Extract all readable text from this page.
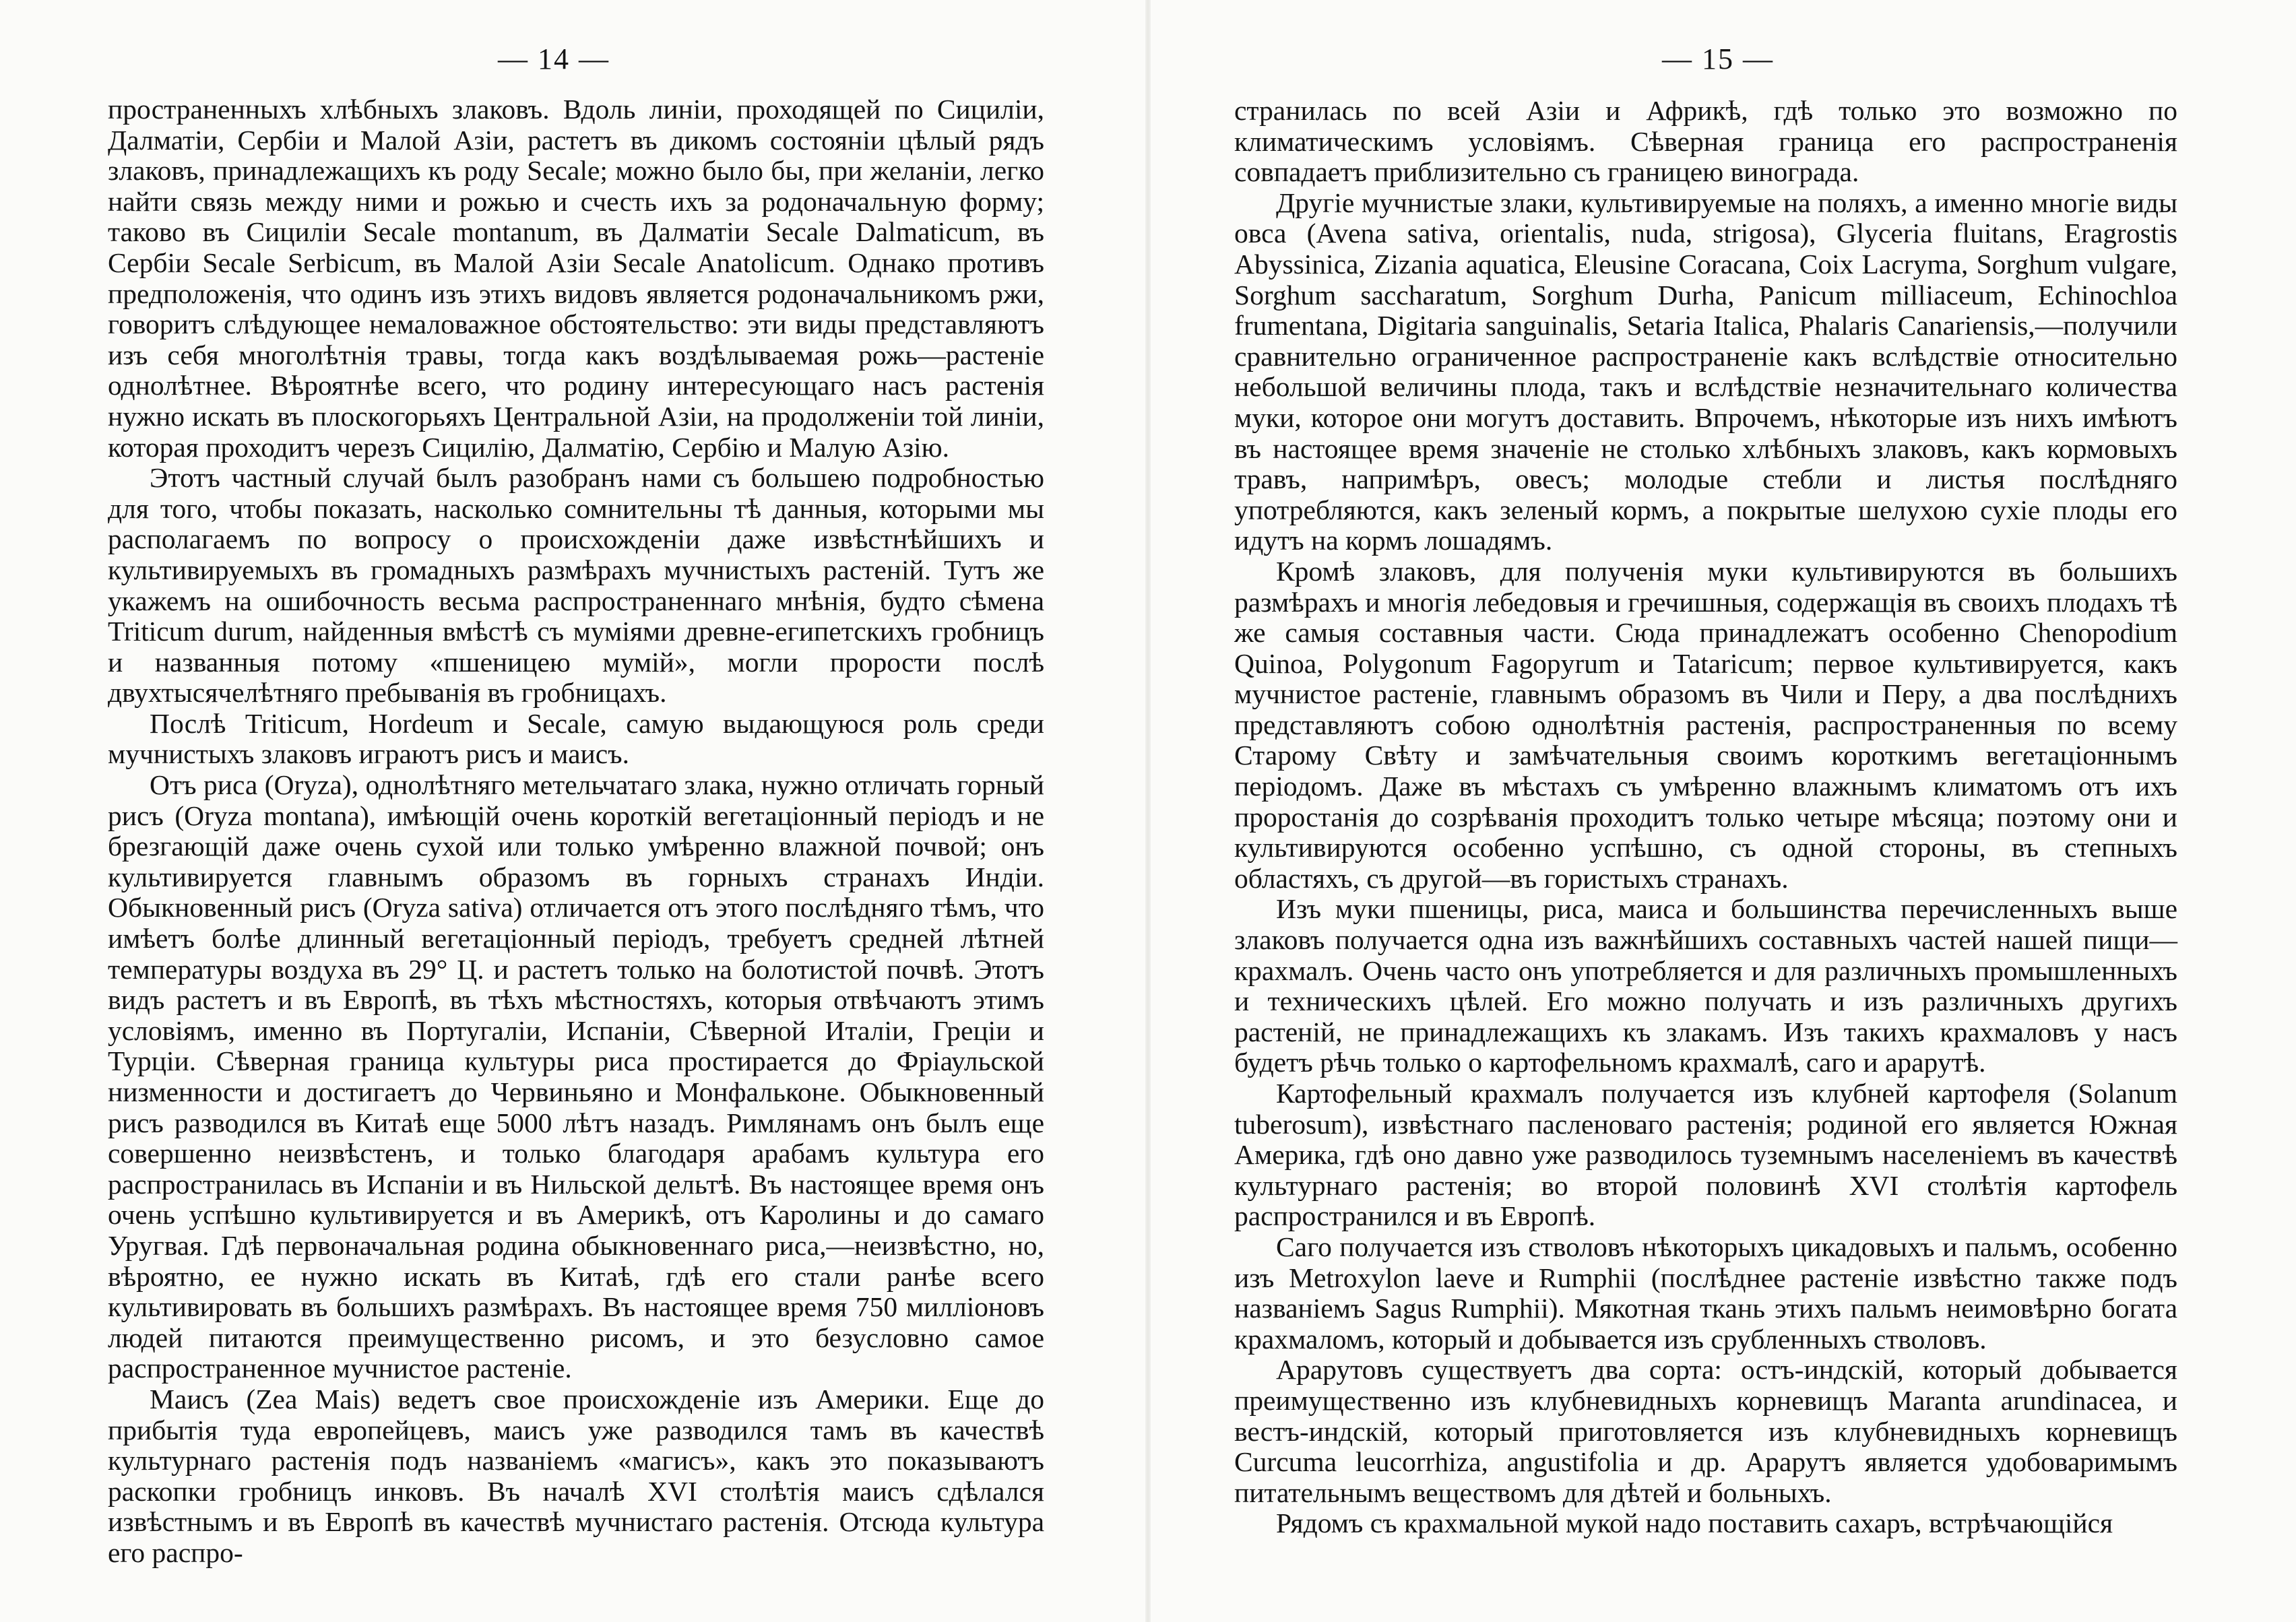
— 14 —

пространенныхъ хлѣбныхъ злаковъ. Вдоль линіи, проходящей по Сициліи, Далматіи, Сербіи и Малой Азіи, растетъ въ дикомъ состояніи цѣлый рядъ злаковъ, принадлежащихъ къ роду Secale; можно было бы, при желаніи, легко найти связь между ними и рожью и счесть ихъ за родоначальную форму; таково въ Сициліи Secale montanum, въ Далматіи Secale Dalmaticum, въ Сербіи Secale Serbicum, въ Малой Азіи Secale Anatolicum. Однако противъ предположенія, что одинъ изъ этихъ видовъ является родоначальникомъ ржи, говоритъ слѣдующее немаловажное обстоятельство: эти виды представляютъ изъ себя многолѣтнія травы, тогда какъ воздѣлываемая рожь—растеніе однолѣтнее. Вѣроятнѣе всего, что родину интересующаго насъ растенія нужно искать въ плоскогорьяхъ Центральной Азіи, на продолженіи той линіи, которая проходитъ черезъ Сицилію, Далматію, Сербію и Малую Азію.

Этотъ частный случай былъ разобранъ нами съ большею подробностью для того, чтобы показать, насколько сомнительны тѣ данныя, которыми мы располагаемъ по вопросу о происхожденіи даже извѣстнѣйшихъ и культивируемыхъ въ громадныхъ размѣрахъ мучнистыхъ растеній. Тутъ же укажемъ на ошибочность весьма распространеннаго мнѣнія, будто сѣмена Triticum durum, найденныя вмѣстѣ съ муміями древне-египетскихъ гробницъ и названныя потому «пшеницею мумій», могли прорости послѣ двухтысячелѣтняго пребыванія въ гробницахъ.

Послѣ Triticum, Hordeum и Secale, самую выдающуюся роль среди мучнистыхъ злаковъ играютъ рисъ и маисъ.

Отъ риса (Oryza), однолѣтняго метельчатаго злака, нужно отличать горный рисъ (Oryza montana), имѣющій очень короткій вегетаціонный періодъ и не брезгающій даже очень сухой или только умѣренно влажной почвой; онъ культивируется главнымъ образомъ въ горныхъ странахъ Индіи. Обыкновенный рисъ (Oryza sativa) отличается отъ этого послѣдняго тѣмъ, что имѣетъ болѣе длинный вегетаціонный періодъ, требуетъ средней лѣтней температуры воздуха въ 29° Ц. и растетъ только на болотистой почвѣ. Этотъ видъ растетъ и въ Европѣ, въ тѣхъ мѣстностяхъ, которыя отвѣчаютъ этимъ условіямъ, именно въ Португаліи, Испаніи, Сѣверной Италіи, Греціи и Турціи. Сѣверная граница культуры риса простирается до Фріаульской низменности и достигаетъ до Червиньяно и Монфальконе. Обыкновенный рисъ разводился въ Китаѣ еще 5000 лѣтъ назадъ. Римлянамъ онъ былъ еще совершенно неизвѣстенъ, и только благодаря арабамъ культура его распространилась въ Испаніи и въ Нильской дельтѣ. Въ настоящее время онъ очень успѣшно культивируется и въ Америкѣ, отъ Каролины и до самаго Уругвая. Гдѣ первоначальная родина обыкновеннаго риса,—неизвѣстно, но, вѣроятно, ее нужно искать въ Китаѣ, гдѣ его стали ранѣе всего культивировать въ большихъ размѣрахъ. Въ настоящее время 750 милліоновъ людей питаются преимущественно рисомъ, и это безусловно самое распространенное мучнистое растеніе.

Маисъ (Zea Mais) ведетъ свое происхожденіе изъ Америки. Еще до прибытія туда европейцевъ, маисъ уже разводился тамъ въ качествѣ культурнаго растенія подъ названіемъ «магисъ», какъ это показываютъ раскопки гробницъ инковъ. Въ началѣ XVI столѣтія маисъ сдѣлался извѣстнымъ и въ Европѣ въ качествѣ мучнистаго растенія. Отсюда культура его распро-

— 15 —

странилась по всей Азіи и Африкѣ, гдѣ только это возможно по климатическимъ условіямъ. Сѣверная граница его распространенія совпадаетъ приблизительно съ границею винограда.

Другіе мучнистые злаки, культивируемые на поляхъ, а именно многіе виды овса (Avena sativa, orientalis, nuda, strigosa), Glyceria fluitans, Eragrostis Abyssinica, Zizania aquatica, Eleusine Coracana, Coix Lacryma, Sorghum vulgare, Sorghum saccharatum, Sorghum Durha, Panicum milliaceum, Echinochloa frumentana, Digitaria sanguinalis, Setaria Italica, Phalaris Canariensis,—получили сравнительно ограниченное распространеніе какъ вслѣдствіе относительно небольшой величины плода, такъ и вслѣдствіе незначительнаго количества муки, которое они могутъ доставить. Впрочемъ, нѣкоторые изъ нихъ имѣютъ въ настоящее время значеніе не столько хлѣбныхъ злаковъ, какъ кормовыхъ травъ, напримѣръ, овесъ; молодые стебли и листья послѣдняго употребляются, какъ зеленый кормъ, а покрытые шелухою сухіе плоды его идутъ на кормъ лошадямъ.

Кромѣ злаковъ, для полученія муки культивируются въ большихъ размѣрахъ и многія лебедовыя и гречишныя, содержащія въ своихъ плодахъ тѣ же самыя составныя части. Сюда принадлежатъ особенно Chenopodium Quinoa, Polygonum Fagopyrum и Tataricum; первое культивируется, какъ мучнистое растеніе, главнымъ образомъ въ Чили и Перу, а два послѣднихъ представляютъ собою однолѣтнія растенія, распространенныя по всему Старому Свѣту и замѣчательныя своимъ короткимъ вегетаціоннымъ періодомъ. Даже въ мѣстахъ съ умѣренно влажнымъ климатомъ отъ ихъ проростанія до созрѣванія проходитъ только четыре мѣсяца; поэтому они и культивируются особенно успѣшно, съ одной стороны, въ степныхъ областяхъ, съ другой—въ гористыхъ странахъ.

Изъ муки пшеницы, риса, маиса и большинства перечисленныхъ выше злаковъ получается одна изъ важнѣйшихъ составныхъ частей нашей пищи—крахмалъ. Очень часто онъ употребляется и для различныхъ промышленныхъ и техническихъ цѣлей. Его можно получать и изъ различныхъ другихъ растеній, не принадлежащихъ къ злакамъ. Изъ такихъ крахмаловъ у насъ будетъ рѣчь только о картофельномъ крахмалѣ, саго и арарутѣ.

Картофельный крахмалъ получается изъ клубней картофеля (Solanum tuberosum), извѣстнаго пасленоваго растенія; родиной его является Южная Америка, гдѣ оно давно уже разводилось туземнымъ населеніемъ въ качествѣ культурнаго растенія; во второй половинѣ XVI столѣтія картофель распространился и въ Европѣ.

Саго получается изъ стволовъ нѣкоторыхъ цикадовыхъ и пальмъ, особенно изъ Metroxylon laeve и Rumphii (послѣднее растеніе извѣстно также подъ названіемъ Sagus Rumphii). Мякотная ткань этихъ пальмъ неимовѣрно богата крахмаломъ, который и добывается изъ срубленныхъ стволовъ.

Арарутовъ существуетъ два сорта: остъ-индскій, который добывается преимущественно изъ клубневидныхъ корневищъ Maranta arundinacea, и вестъ-индскій, который приготовляется изъ клубневидныхъ корневищъ Curcuma leucorrhiza, angustifolia и др. Арарутъ является удобоваримымъ питательнымъ веществомъ для дѣтей и больныхъ.

Рядомъ съ крахмальной мукой надо поставить сахаръ, встрѣчающійся
